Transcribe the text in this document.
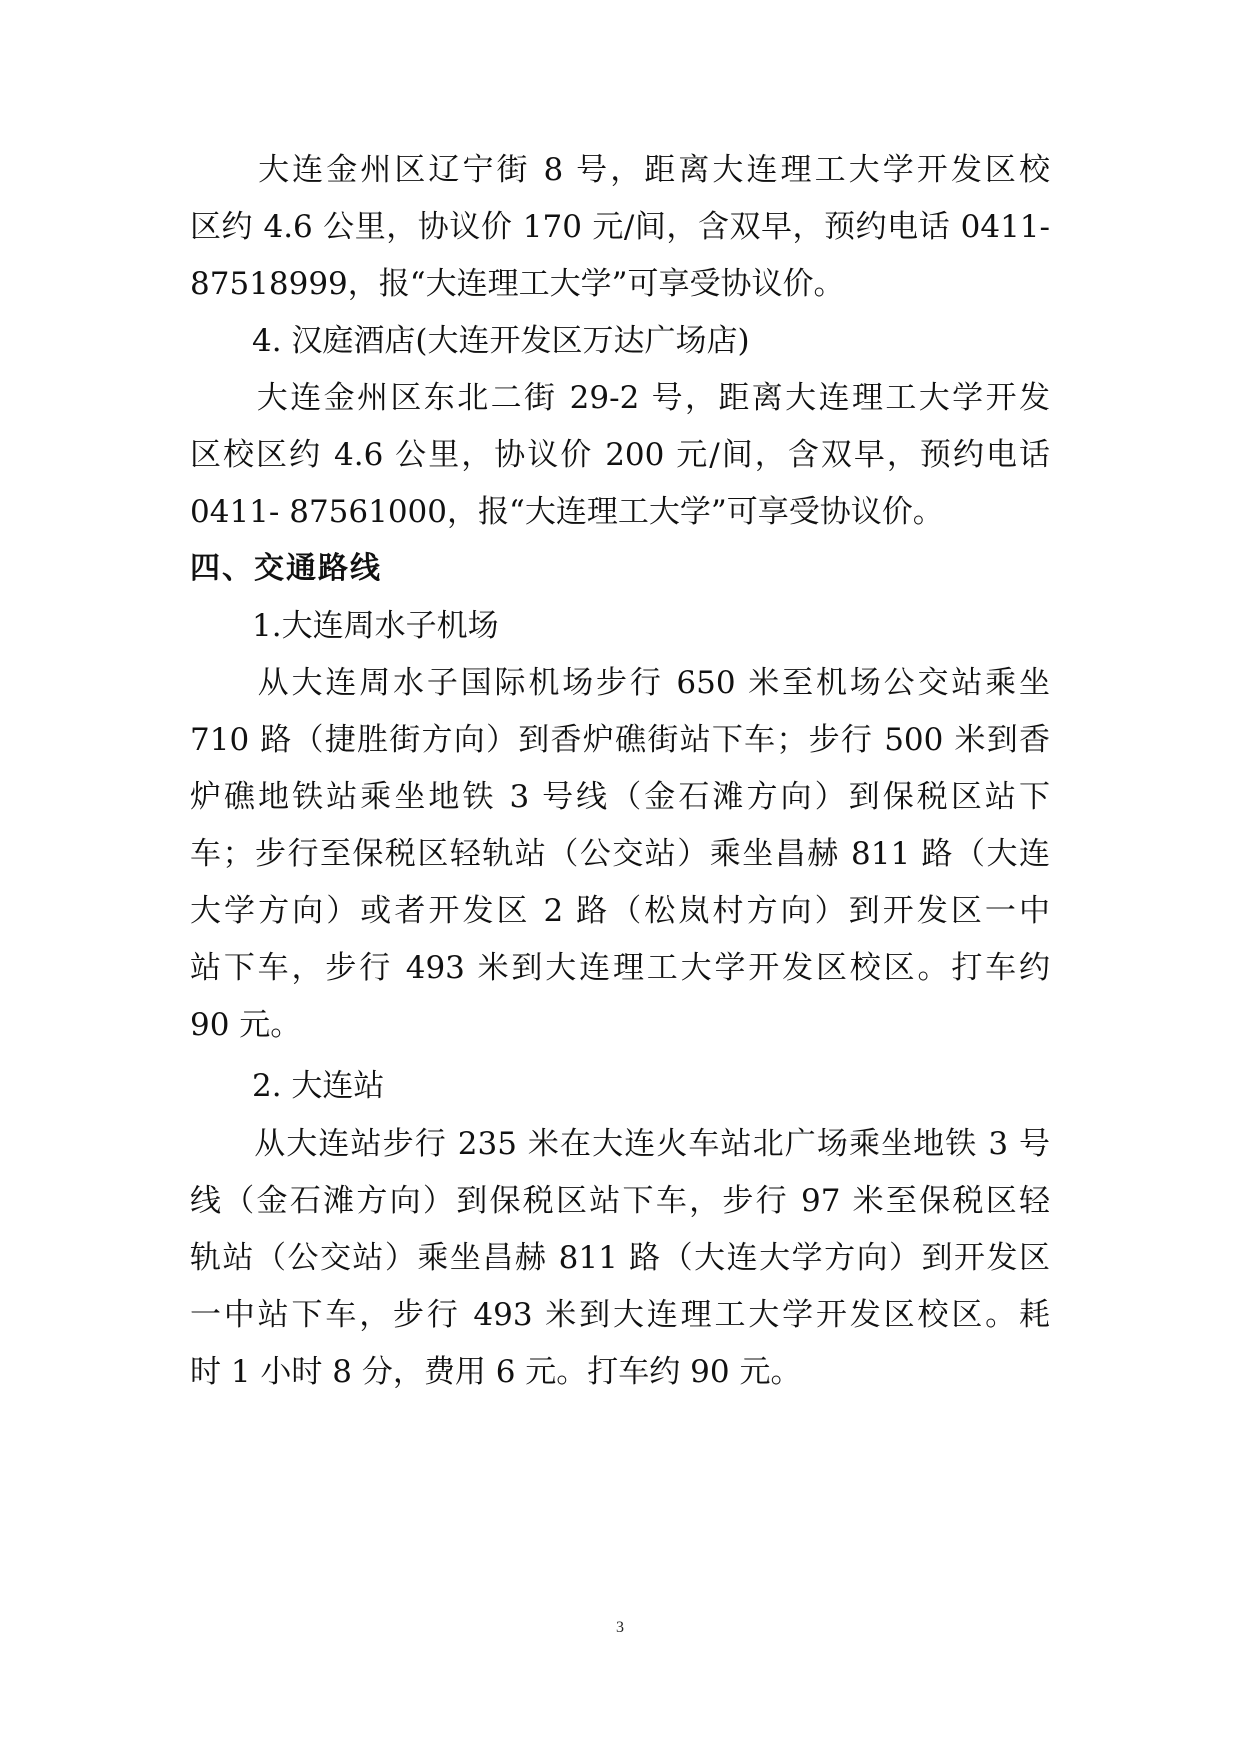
　　大连金州区辽宁街 8 号，距离大连理工大学开发区校
区约 4.6 公里，协议价 170 元/间，含双早，预约电话 0411-
87518999，报“大连理工大学”可享受协议价。
　　4. 汉庭酒店(大连开发区万达广场店)
　　大连金州区东北二街 29-2 号，距离大连理工大学开发
区校区约 4.6 公里，协议价 200 元/间，含双早，预约电话
0411- 87561000，报“大连理工大学”可享受协议价。
四、交通路线
　　1.大连周水子机场
　　从大连周水子国际机场步行 650 米至机场公交站乘坐
710 路（捷胜街方向）到香炉礁街站下车；步行 500 米到香
炉礁地铁站乘坐地铁 3 号线（金石滩方向）到保税区站下
车；步行至保税区轻轨站（公交站）乘坐昌赫 811 路（大连
大学方向）或者开发区 2 路（松岚村方向）到开发区一中
站下车，步行 493 米到大连理工大学开发区校区。打车约
90 元。
　　2. 大连站
　　从大连站步行 235 米在大连火车站北广场乘坐地铁 3 号
线（金石滩方向）到保税区站下车，步行 97 米至保税区轻
轨站（公交站）乘坐昌赫 811 路（大连大学方向）到开发区
一中站下车，步行 493 米到大连理工大学开发区校区。耗
时 1 小时 8 分，费用 6 元。打车约 90 元。
3
